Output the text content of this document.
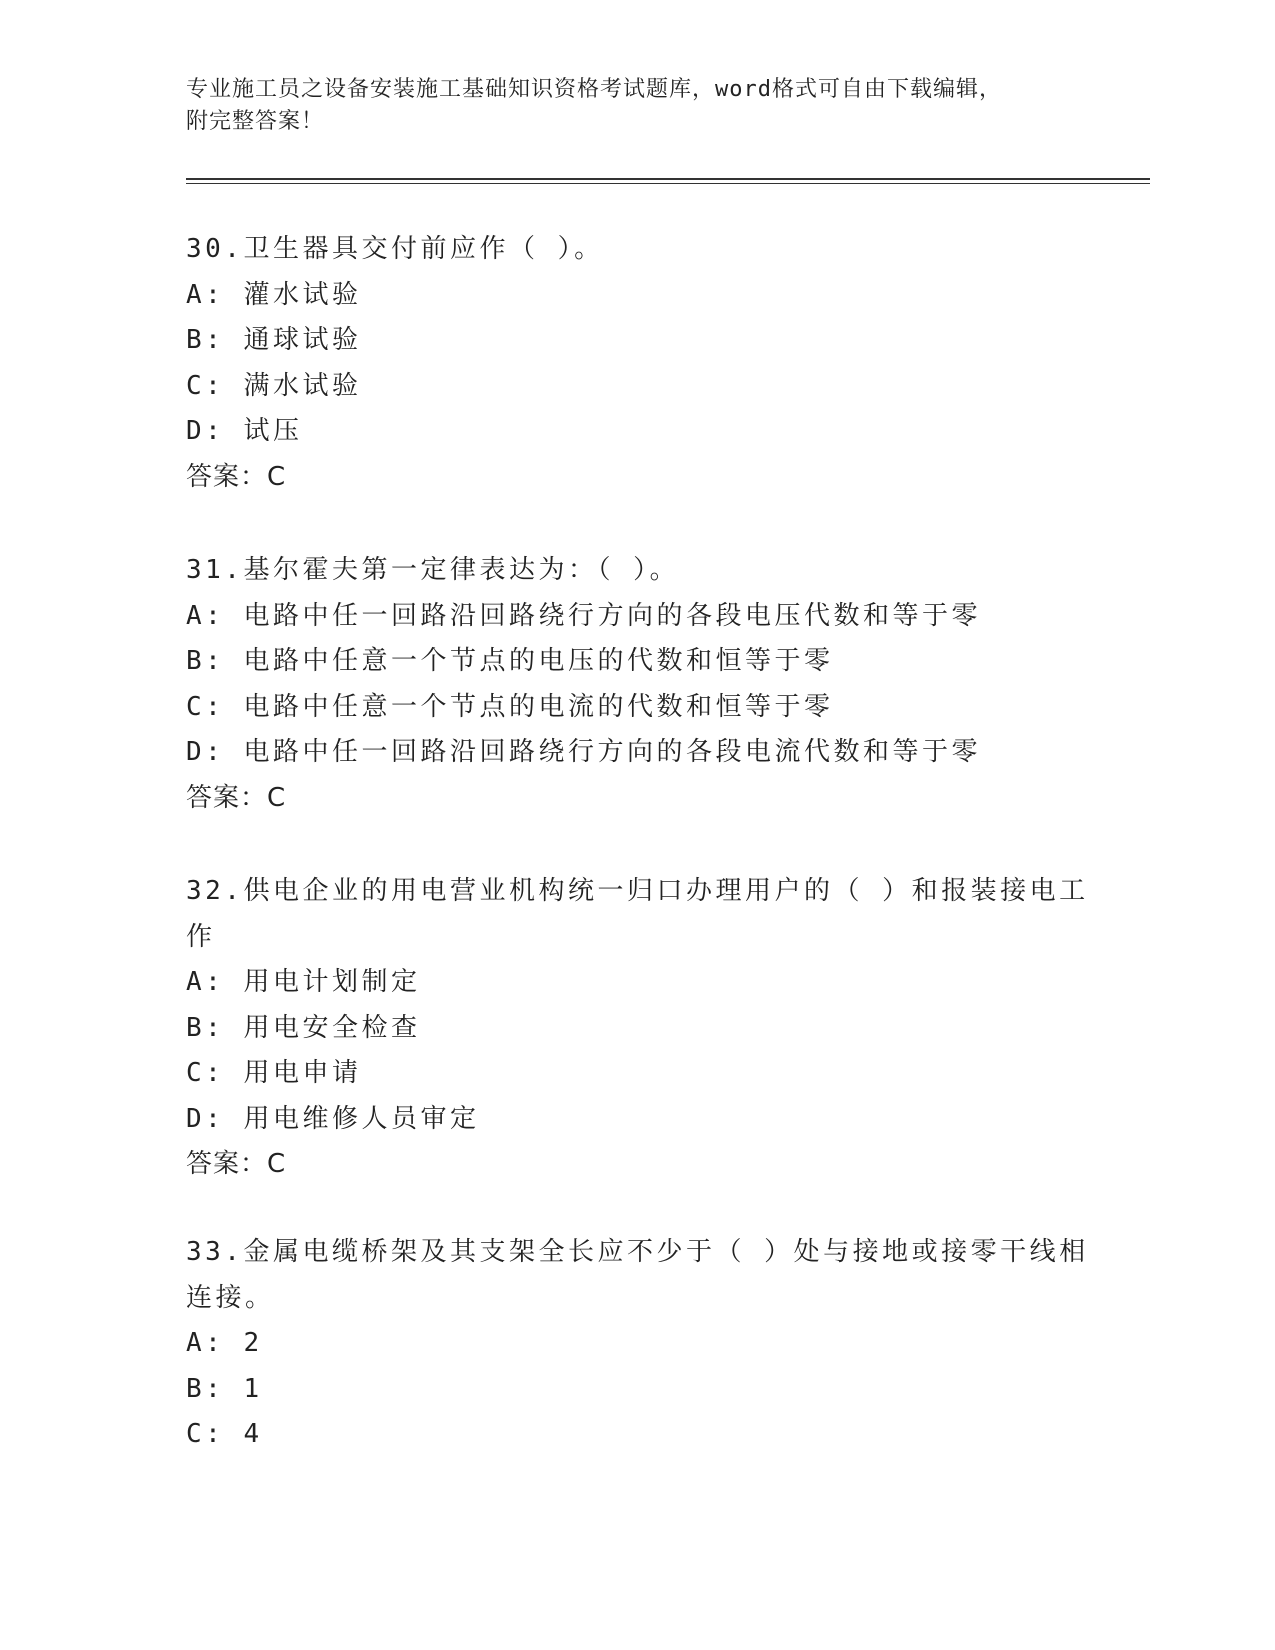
专业施工员之设备安装施工基础知识资格考试题库，word格式可自由下载编辑，
附完整答案！
30.卫生器具交付前应作（ ）。
A: 灌水试验
B: 通球试验
C: 满水试验
D: 试压
答案：C
31.基尔霍夫第一定律表达为：（ ）。
A: 电路中任一回路沿回路绕行方向的各段电压代数和等于零
B: 电路中任意一个节点的电压的代数和恒等于零
C: 电路中任意一个节点的电流的代数和恒等于零
D: 电路中任一回路沿回路绕行方向的各段电流代数和等于零
答案：C
32.供电企业的用电营业机构统一归口办理用户的（ ）和报装接电工
作
A: 用电计划制定
B: 用电安全检查
C: 用电申请
D: 用电维修人员审定
答案：C
33.金属电缆桥架及其支架全长应不少于（ ）处与接地或接零干线相
连接。
A: 2
B: 1
C: 4
